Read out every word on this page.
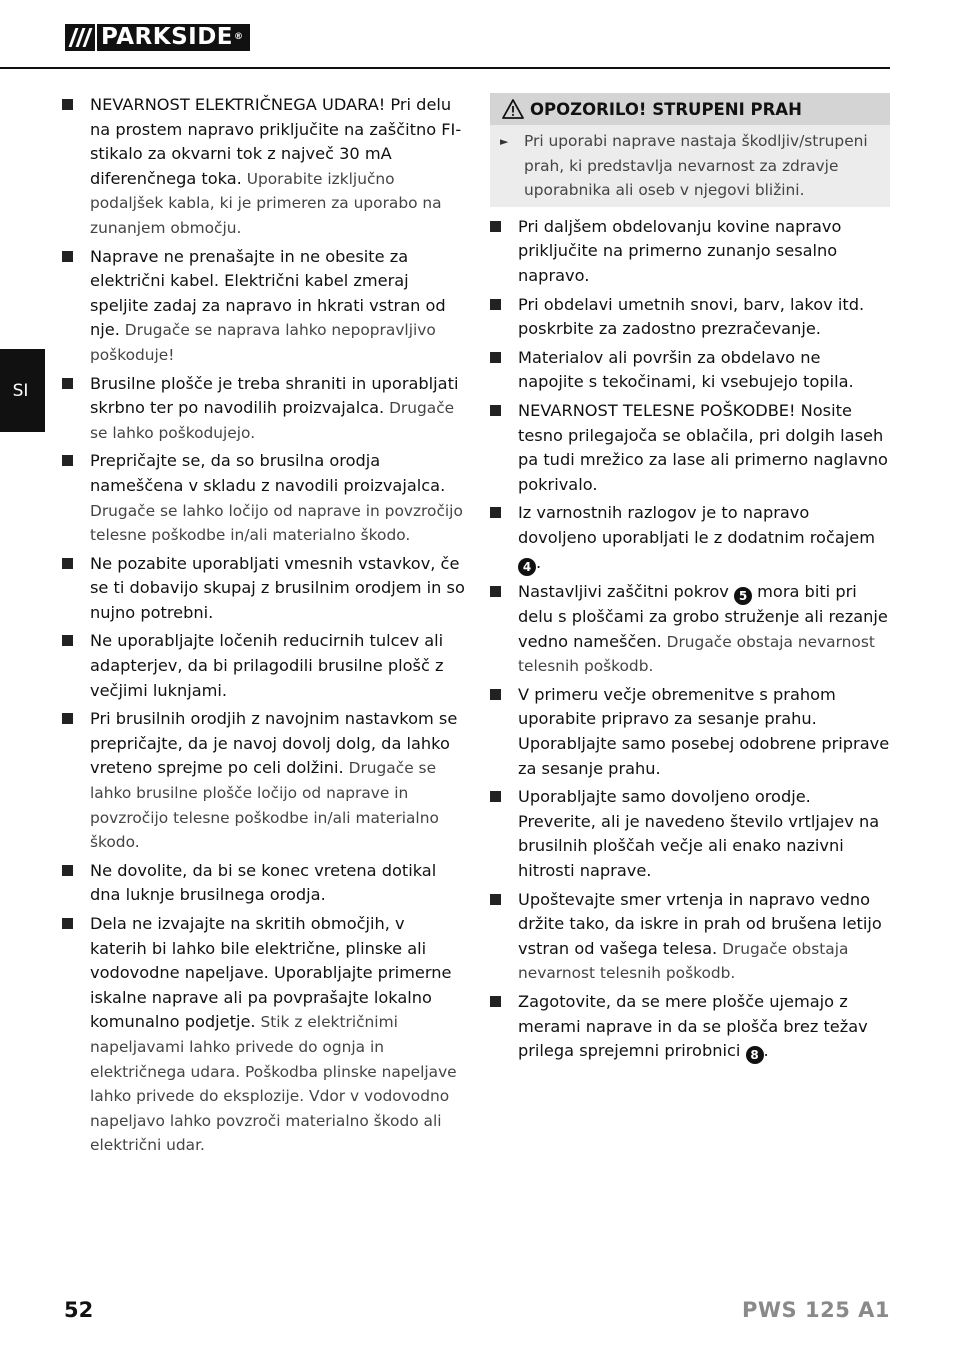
PARKSIDE®
SI
NEVARNOST ELEKTRIČNEGA UDARA! Pri delu na prostem napravo priključite na zaščitno FI-stikalo za okvarni tok z največ 30 mA diferenčnega toka. Uporabite izključno podaljšek kabla, ki je primeren za uporabo na zunanjem območju.
Naprave ne prenašajte in ne obesite za električni kabel. Električni kabel zmeraj speljite zadaj za napravo in hkrati vstran od nje. Drugače se naprava lahko nepopravljivo poškoduje!
Brusilne plošče je treba shraniti in uporabljati skrbno ter po navodilih proizvajalca. Drugače se lahko poškodujejo.
Prepričajte se, da so brusilna orodja nameščena v skladu z navodili proizvajalca. Drugače se lahko ločijo od naprave in povzročijo telesne poškodbe in/ali materialno škodo.
Ne pozabite uporabljati vmesnih vstavkov, če se ti dobavijo skupaj z brusilnim orodjem in so nujno potrebni.
Ne uporabljajte ločenih reducirnih tulcev ali adapterjev, da bi prilagodili brusilne plošč z večjimi luknjami.
Pri brusilnih orodjih z navojnim nastavkom se prepričajte, da je navoj dovolj dolg, da lahko vreteno sprejme po celi dolžini. Drugače se lahko brusilne plošče ločijo od naprave in povzročijo telesne poškodbe in/ali materialno škodo.
Ne dovolite, da bi se konec vretena dotikal dna luknje brusilnega orodja.
Dela ne izvajajte na skritih območjih, v katerih bi lahko bile električne, plinske ali vodovodne napeljave. Uporabljajte primerne iskalne naprave ali pa povprašajte lokalno komunalno podjetje. Stik z električnimi napeljavami lahko privede do ognja in električnega udara. Poškodba plinske napeljave lahko privede do eksplozije. Vdor v vodovodno napeljavo lahko povzroči materialno škodo ali električni udar.
OPOZORILO! STRUPENI PRAH
►	Pri uporabi naprave nastaja škodljiv/strupeni prah, ki predstavlja nevarnost za zdravje uporabnika ali oseb v njegovi bližini.
Pri daljšem obdelovanju kovine napravo priključite na primerno zunanjo sesalno napravo.
Pri obdelavi umetnih snovi, barv, lakov itd. poskrbite za zadostno prezračevanje.
Materialov ali površin za obdelavo ne napojite s tekočinami, ki vsebujejo topila.
NEVARNOST TELESNE POŠKODBE! Nosite tesno prilegajoča se oblačila, pri dolgih laseh pa tudi mrežico za lase ali primerno naglavno pokrivalo.
Iz varnostnih razlogov je to napravo dovoljeno uporabljati le z dodatnim ročajem 4 .
Nastavljivi zaščitni pokrov 5 mora biti pri delu s ploščami za grobo struženje ali rezanje vedno nameščen. Drugače obstaja nevarnost telesnih poškodb.
V primeru večje obremenitve s prahom uporabite pripravo za sesanje prahu. Uporabljajte samo posebej odobrene priprave za sesanje prahu.
Uporabljajte samo dovoljeno orodje. Preverite, ali je navedeno število vrtljajev na brusilnih ploščah večje ali enako nazivni hitrosti naprave.
Upoštevajte smer vrtenja in napravo vedno držite tako, da iskre in prah od brušena letijo vstran od vašega telesa. Drugače obstaja nevarnost telesnih poškodb.
Zagotovite, da se mere plošče ujemajo z merami naprave in da se plošča brez težav prilega sprejemni prirobnici 8 .
52	PWS 125 A1
